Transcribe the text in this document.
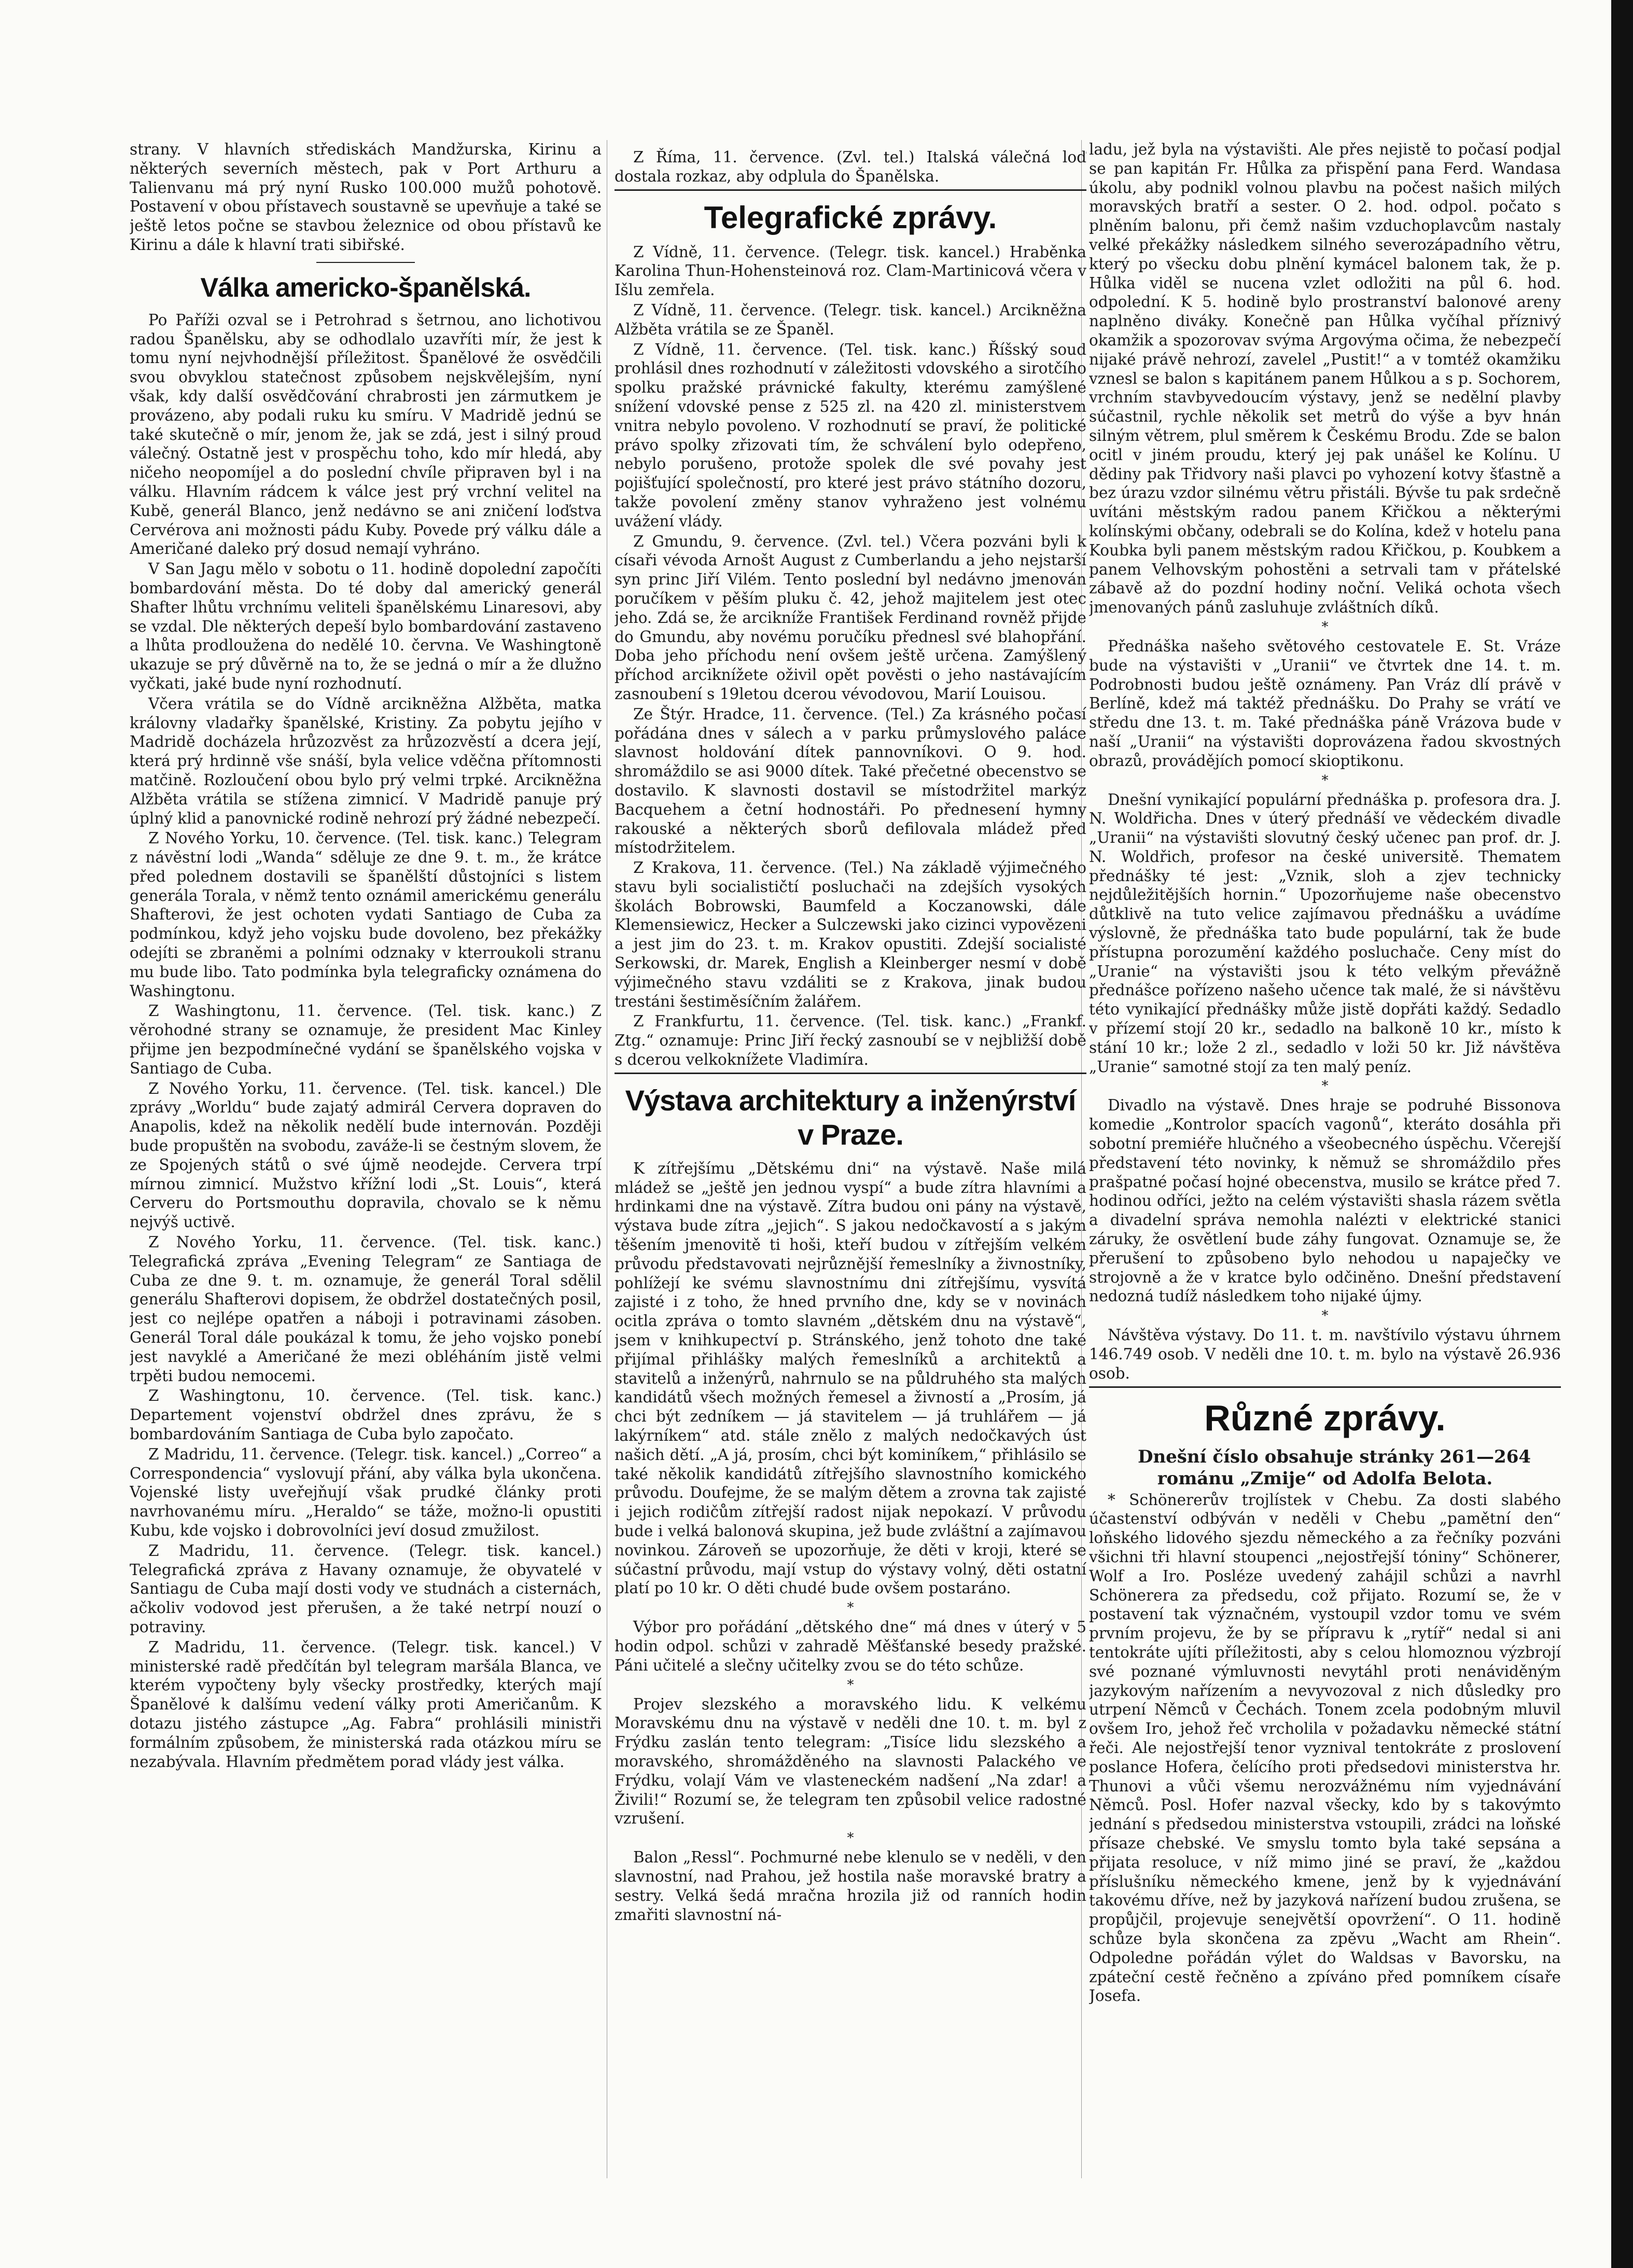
strany. V hlavních střediskách Mandžurska, Kirinu a některých severních městech, pak v Port Arthuru a Talienvanu má prý nyní Rusko 100.000 mužů pohotově. Postavení v obou přístavech soustavně se upevňuje a také se ještě letos počne se stavbou železnice od obou přístavů ke Kirinu a dále k hlavní trati sibiřské.

Válka americko-španělská.

Po Paříži ozval se i Petrohrad s šetrnou, ano lichotivou radou Španělsku, aby se odhodlalo uzavříti mír, že jest k tomu nyní nejvhodnější příležitost. Španělové že osvědčili svou obvyklou statečnost způsobem nejskvělejším, nyní však, kdy další osvědčování chrabrosti jen zármutkem je provázeno, aby podali ruku ku smíru. V Madridě jednú se také skutečně o mír, jenom že, jak se zdá, jest i silný proud válečný. Ostatně jest v prospěchu toho, kdo mír hledá, aby ničeho neopomíjel a do poslední chvíle připraven byl i na válku. Hlavním rádcem k válce jest prý vrchní velitel na Kubě, generál Blanco, jenž nedávno se ani zničení loďstva Cervérova ani možnosti pádu Kuby. Povede prý válku dále a Američané daleko prý dosud nemají vyhráno.

V San Jagu mělo v sobotu o 11. hodině dopolední započíti bombardování města. Do té doby dal americký generál Shafter lhůtu vrchnímu veliteli španělskému Linaresovi, aby se vzdal. Dle některých depeší bylo bombardování zastaveno a lhůta prodloužena do nedělé 10. června. Ve Washingtoně ukazuje se prý důvěrně na to, že se jedná o mír a že dlužno vyčkati, jaké bude nyní rozhodnutí.

Včera vrátila se do Vídně arcikněžna Alžběta, matka královny vladařky španělské, Kristiny. Za pobytu jejího v Madridě docházela hrůzozvěst za hrůzozvěstí a dcera její, která prý hrdinně vše snáší, byla velice vděčna přítomnosti matčině. Rozloučení obou bylo prý velmi trpké. Arcikněžna Alžběta vrátila se stížena zimnicí. V Madridě panuje prý úplný klid a panovnické rodině nehrozí prý žádné nebezpečí.

Z Nového Yorku, 10. července. (Tel. tisk. kanc.) Telegram z návěstní lodi „Wanda“ sděluje ze dne 9. t. m., že krátce před polednem dostavili se španělští důstojníci s listem generála Torala, v němž tento oznámil americkému generálu Shafterovi, že jest ochoten vydati Santiago de Cuba za podmínkou, když jeho vojsku bude dovoleno, bez překážky odejíti se zbraněmi a polními odznaky v kterroukoli stranu mu bude libo. Tato podmínka byla telegraficky oznámena do Washingtonu.

Z Washingtonu, 11. července. (Tel. tisk. kanc.) Z věrohodné strany se oznamuje, že president Mac Kinley přijme jen bezpodmínečné vydání se španělského vojska v Santiago de Cuba.

Z Nového Yorku, 11. července. (Tel. tisk. kancel.) Dle zprávy „Worldu“ bude zajatý admirál Cervera dopraven do Anapolis, kdež na několik nedělí bude internován. Později bude propuštěn na svobodu, zaváže-li se čestným slovem, že ze Spojených států o své újmě neodejde. Cervera trpí mírnou zimnicí. Mužstvo křížní lodi „St. Louis“, která Cerveru do Portsmouthu dopravila, chovalo se k němu nejvýš uctivě.

Z Nového Yorku, 11. července. (Tel. tisk. kanc.) Telegrafická zpráva „Evening Telegram“ ze Santiaga de Cuba ze dne 9. t. m. oznamuje, že generál Toral sdělil generálu Shafterovi dopisem, že obdržel dostatečných posil, jest co nejlépe opatřen a náboji i potravinami zásoben. Generál Toral dále poukázal k tomu, že jeho vojsko ponebí jest navyklé a Američané že mezi obléháním jistě velmi trpěti budou nemocemi.

Z Washingtonu, 10. července. (Tel. tisk. kanc.) Departement vojenství obdržel dnes zprávu, že s bombardováním Santiaga de Cuba bylo započato.

Z Madridu, 11. července. (Telegr. tisk. kancel.) „Correo“ a Correspondencia“ vyslovují přání, aby válka byla ukončena. Vojenské listy uveřejňují však prudké články proti navrhovanému míru. „Heraldo“ se táže, možno-li opustiti Kubu, kde vojsko i dobrovolníci jeví dosud zmužilost.

Z Madridu, 11. července. (Telegr. tisk. kancel.) Telegrafická zpráva z Havany oznamuje, že obyvatelé v Santiagu de Cuba mají dosti vody ve studnách a cisternách, ačkoliv vodovod jest přerušen, a že také netrpí nouzí o potraviny.

Z Madridu, 11. července. (Telegr. tisk. kancel.) V ministerské radě předčítán byl telegram maršála Blanca, ve kterém vypočteny byly všecky prostředky, kterých mají Španělové k dalšímu vedení války proti Američanům. K dotazu jistého zástupce „Ag. Fabra“ prohlásili ministři formálním způsobem, že ministerská rada otázkou míru se nezabývala. Hlavním předmětem porad vlády jest válka.

Z Říma, 11. července. (Zvl. tel.) Italská válečná loď dostala rozkaz, aby odplula do Španělska.

Telegrafické zprávy.

Z Vídně, 11. července. (Telegr. tisk. kancel.) Hraběnka Karolina Thun-Hohensteinová roz. Clam-Martinicová včera v Išlu zemřela.

Z Vídně, 11. července. (Telegr. tisk. kancel.) Arcikněžna Alžběta vrátila se ze Španěl.

Z Vídně, 11. července. (Tel. tisk. kanc.) Říšský soud prohlásil dnes rozhodnutí v záležitosti vdovského a sirotčího spolku pražské právnické fakulty, kterému zamýšlené snížení vdovské pense z 525 zl. na 420 zl. ministerstvem vnitra nebylo povoleno. V rozhodnutí se praví, že politické právo spolky zřizovati tím, že schválení bylo odepřeno, nebylo porušeno, protože spolek dle své povahy jest pojišťující společností, pro které jest právo státního dozoru, takže povolení změny stanov vyhraženo jest volnému uvážení vlády.

Z Gmundu, 9. července. (Zvl. tel.) Včera pozváni byli k císaři vévoda Arnošt August z Cumberlandu a jeho nejstarší syn princ Jiří Vilém. Tento poslední byl nedávno jmenován poručíkem v pěším pluku č. 42, jehož majitelem jest otec jeho. Zdá se, že arcikníže František Ferdinand rovněž přijde do Gmundu, aby novému poručíku přednesl své blahopřání. Doba jeho příchodu není ovšem ještě určena. Zamýšlený příchod arciknížete oživil opět pověsti o jeho nastávajícím zasnoubení s 19letou dcerou vévodovou, Marií Louisou.

Ze Štýr. Hradce, 11. července. (Tel.) Za krásného počasí pořádána dnes v sálech a v parku průmyslového paláce slavnost holdování dítek pannovníkovi. O 9. hod. shromáždilo se asi 9000 dítek. Také přečetné obecenstvo se dostavilo. K slavnosti dostavil se místodržitel markýz Bacquehem a četní hodnostáři. Po přednesení hymny rakouské a některých sborů defilovala mládež před místodržitelem.

Z Krakova, 11. července. (Tel.) Na základě výjimečného stavu byli socialističtí posluchači na zdejších vysokých školách Bobrowski, Baumfeld a Koczanowski, dále Klemensiewicz, Hecker a Sulczewski jako cizinci vypovězeni a jest jim do 23. t. m. Krakov opustiti. Zdejší socialisté Serkowski, dr. Marek, English a Kleinberger nesmí v době výjimečného stavu vzdáliti se z Krakova, jinak budou trestáni šestiměsíčním žalářem.

Z Frankfurtu, 11. července. (Tel. tisk. kanc.) „Frankf. Ztg.“ oznamuje: Princ Jiří řecký zasnoubí se v nejbližší době s dcerou velkoknížete Vladimíra.

Výstava architektury a inženýrství v Praze.

K zítřejšímu „Dětskému dni“ na výstavě. Naše milá mládež se „ještě jen jednou vyspí“ a bude zítra hlavními a hrdinkami dne na výstavě. Zítra budou oni pány na výstavě, výstava bude zítra „jejich“. S jakou nedočkavostí a s jakým těšením jmenovitě ti hoši, kteří budou v zítřejším velkém průvodu představovati nejrůznější řemeslníky a živnostníky, pohlížejí ke svému slavnostnímu dni zítřejšímu, vysvítá zajisté i z toho, že hned prvního dne, kdy se v novinách ocitla zpráva o tomto slavném „dětském dnu na výstavě“, jsem v knihkupectví p. Stránského, jenž tohoto dne také přijímal přihlášky malých řemeslníků a architektů a stavitelů a inženýrů, nahrnulo se na půldruhého sta malých kandidátů všech možných řemesel a živností a „Prosím, já chci být zedníkem — já stavitelem — já truhlářem — já lakýrníkem“ atd. stále znělo z malých nedočkavých úst našich dětí. „A já, prosím, chci být kominíkem,“ přihlásilo se také několik kandidátů zítřejšího slavnostního komického průvodu. Doufejme, že se malým dětem a zrovna tak zajisté i jejich rodičům zítřejší radost nijak nepokazí. V průvodu bude i velká balonová skupina, jež bude zvláštní a zajímavou novinkou. Zároveň se upozorňuje, že děti v kroji, které se súčastní průvodu, mají vstup do výstavy volný, děti ostatní platí po 10 kr. O děti chudé bude ovšem postaráno.

*

Výbor pro pořádání „dětského dne“ má dnes v úterý v 5 hodin odpol. schůzi v zahradě Měšťanské besedy pražské. Páni učitelé a slečny učitelky zvou se do této schůze.

*

Projev slezského a moravského lidu. K velkému Moravskému dnu na výstavě v neděli dne 10. t. m. byl z Frýdku zaslán tento telegram: „Tisíce lidu slezského a moravského, shromážděného na slavnosti Palackého ve Frýdku, volají Vám ve vlasteneckém nadšení „Na zdar! a Živili!“ Rozumí se, že telegram ten způsobil velice radostné vzrušení.

*

Balon „Ressl“. Pochmurné nebe klenulo se v neděli, v den slavnostní, nad Prahou, jež hostila naše moravské bratry a sestry. Velká šedá mračna hrozila již od ranních hodin zmařiti slavnostní ná-

ladu, jež byla na výstavišti. Ale přes nejistě to počasí podjal se pan kapitán Fr. Hůlka za přispění pana Ferd. Wandasa úkolu, aby podnikl volnou plavbu na počest našich milých moravských bratří a sester. O 2. hod. odpol. počato s plněním balonu, při čemž našim vzduchoplavcům nastaly velké překážky následkem silného severozápadního větru, který po všecku dobu plnění kymácel balonem tak, že p. Hůlka viděl se nucena vzlet odložiti na půl 6. hod. odpolední. K 5. hodině bylo prostranství balonové areny naplněno diváky. Konečně pan Hůlka vyčíhal příznivý okamžik a spozorovav svýma Argovýma očima, že nebezpečí nijaké právě nehrozí, zavelel „Pustit!“ a v tomtéž okamžiku vznesl se balon s kapitánem panem Hůlkou a s p. Sochorem, vrchním stavbyvedoucím výstavy, jenž se nedělní plavby súčastnil, rychle několik set metrů do výše a byv hnán silným větrem, plul směrem k Českému Brodu. Zde se balon ocitl v jiném proudu, který jej pak unášel ke Kolínu. U dědiny pak Třidvory naši plavci po vyhození kotvy šťastně a bez úrazu vzdor silnému větru přistáli. Bývše tu pak srdečně uvítáni městským radou panem Křičkou a některými kolínskými občany, odebrali se do Kolína, kdež v hotelu pana Koubka byli panem městským radou Křičkou, p. Koubkem a panem Velhovským pohostěni a setrvali tam v přátelské zábavě až do pozdní hodiny noční. Veliká ochota všech jmenovaných pánů zasluhuje zvláštních díků.

*

Přednáška našeho světového cestovatele E. St. Vráze bude na výstavišti v „Uranii“ ve čtvrtek dne 14. t. m. Podrobnosti budou ještě oznámeny. Pan Vráz dlí právě v Berlíně, kdež má taktéž přednášku. Do Prahy se vrátí ve středu dne 13. t. m. Také přednáška páně Vrázova bude v naší „Uranii“ na výstavišti doprovázena řadou skvostných obrazů, provádějích pomocí skioptikonu.

*

Dnešní vynikající populární přednáška p. profesora dra. J. N. Woldřicha. Dnes v úterý přednáší ve vědeckém divadle „Uranii“ na výstavišti slovutný český učenec pan prof. dr. J. N. Woldřich, profesor na české universitě. Thematem přednášky té jest: „Vznik, sloh a zjev technicky nejdůležitějších hornin.“ Upozorňujeme naše obecenstvo důtklivě na tuto velice zajímavou přednášku a uvádíme výslovně, že přednáška tato bude populární, tak že bude přístupna porozumění každého posluchače. Ceny míst do „Uranie“ na výstavišti jsou k této velkým převážně přednášce pořízeno našeho učence tak malé, že si návštěvu této vynikající přednášky může jistě dopřáti každý. Sedadlo v přízemí stojí 20 kr., sedadlo na balkoně 10 kr., místo k stání 10 kr.; lože 2 zl., sedadlo v loži 50 kr. Již návštěva „Uranie“ samotné stojí za ten malý peníz.

*

Divadlo na výstavě. Dnes hraje se podruhé Bissonova komedie „Kontrolor spacích vagonů“, kteráto dosáhla při sobotní premiéře hlučného a všeobecného úspěchu. Včerejší představení této novinky, k němuž se shromáždilo přes prašpatné počasí hojné obecenstva, musilo se krátce před 7. hodinou odříci, ježto na celém výstavišti shasla rázem světla a divadelní správa nemohla nalézti v elektrické stanici záruky, že osvětlení bude záhy fungovat. Oznamuje se, že přerušení to způsobeno bylo nehodou u napaječky ve strojovně a že v kratce bylo odčiněno. Dnešní představení nedozná tudíž následkem toho nijaké újmy.

*

Návštěva výstavy. Do 11. t. m. navštívilo výstavu úhrnem 146.749 osob. V neděli dne 10. t. m. bylo na výstavě 26.936 osob.

Různé zprávy.

Dnešní číslo obsahuje stránky 261—264 románu „Zmije“ od Adolfa Belota.

* Schönererův trojlístek v Chebu. Za dosti slabého účastenství odbýván v neděli v Chebu „pamětní den“ loňského lidového sjezdu německého a za řečníky pozváni všichni tři hlavní stoupenci „nejostřejší tóniny“ Schönerer, Wolf a Iro. Posléze uvedený zahájil schůzi a navrhl Schönerera za předsedu, což přijato. Rozumí se, že v postavení tak význačném, vystoupil vzdor tomu ve svém prvním projevu, že by se přípravu k „rytíř“ nedal si ani tentokráte ujíti příležitosti, aby s celou hlomoznou výzbrojí své poznané výmluvnosti nevytáhl proti nenáviděným jazykovým nařízením a nevyvozoval z nich důsledky pro utrpení Němců v Čechách. Tonem zcela podobným mluvil ovšem Iro, jehož řeč vrcholila v požadavku německé státní řeči. Ale nejostřejší tenor vyznival tentokráte z proslovení poslance Hofera, čelícího proti předsedovi ministerstva hr. Thunovi a vůči všemu nerozvážnému ním vyjednávání Němců. Posl. Hofer nazval všecky, kdo by s takovýmto jednání s předsedou ministerstva vstoupili, zrádci na loňské přísaze chebské. Ve smyslu tomto byla také sepsána a přijata resoluce, v níž mimo jiné se praví, že „každou příslušníku německého kmene, jenž by k vyjednávání takovému dříve, než by jazyková nařízení budou zrušena, se propůjčil, projevuje senejvětší opovržení“. O 11. hodině schůze byla skončena za zpěvu „Wacht am Rhein“. Odpoledne pořádán výlet do Waldsas v Bavorsku, na zpáteční cestě řečněno a zpíváno před pomníkem císaře Josefa.
